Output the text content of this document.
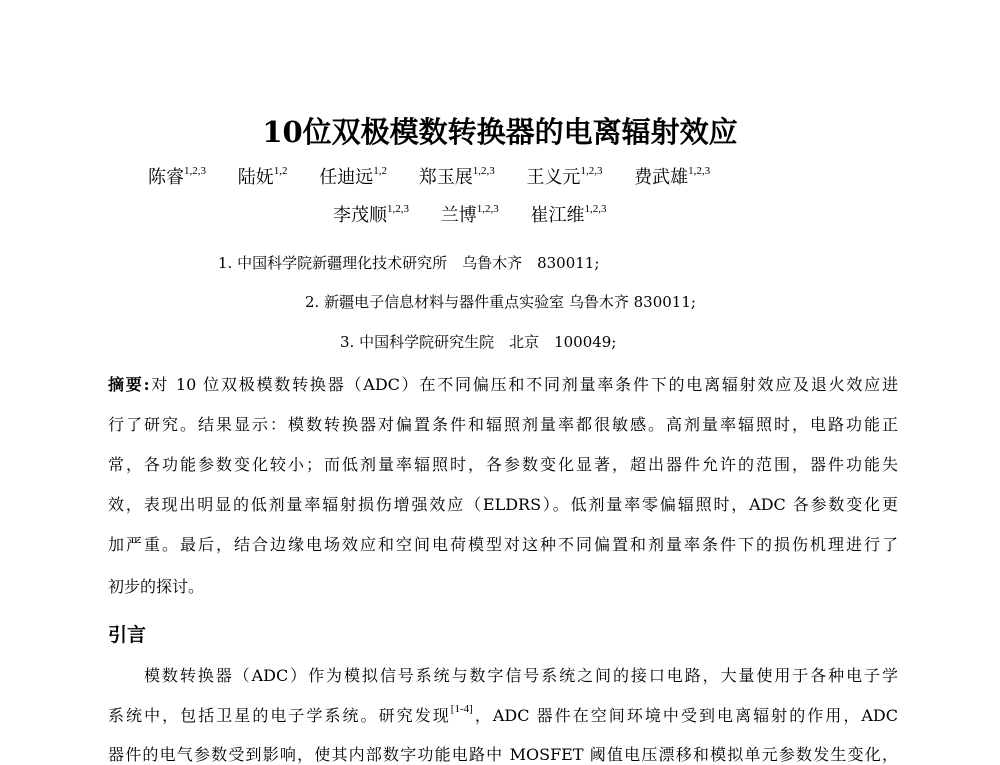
10位双极模数转换器的电离辐射效应
陈睿$^{1,2,3}$ 陆妩$^{1,2}$ 任迪远$^{1,2}$ 郑玉展$^{1,2,3}$ 王义元$^{1,2,3}$ 费武雄$^{1,2,3}$
李茂顺$^{1,2,3}$ 兰博$^{1,2,3}$ 崔江维$^{1,2,3}$
1. 中国科学院新疆理化技术研究所　乌鲁木齐　830011;
2. 新疆电子信息材料与器件重点实验室 乌鲁木齐 830011;
3. 中国科学院研究生院　北京　100049;
摘要:对 10 位双极模数转换器（ADC）在不同偏压和不同剂量率条件下的电离辐射效应及退火效应进
行了研究。结果显示：模数转换器对偏置条件和辐照剂量率都很敏感。高剂量率辐照时，电路功能正
常，各功能参数变化较小；而低剂量率辐照时，各参数变化显著，超出器件允许的范围，器件功能失
效，表现出明显的低剂量率辐射损伤增强效应（ELDRS）。低剂量率零偏辐照时，ADC 各参数变化更
加严重。最后，结合边缘电场效应和空间电荷模型对这种不同偏置和剂量率条件下的损伤机理进行了
初步的探讨。
引言
模数转换器（ADC）作为模拟信号系统与数字信号系统之间的接口电路，大量使用于各种电子学
系统中，包括卫星的电子学系统。研究发现[1-4]，ADC 器件在空间环境中受到电离辐射的作用，ADC
器件的电气参数受到影响，使其内部数字功能电路中 MOSFET 阈值电压漂移和模拟单元参数发生变化，
